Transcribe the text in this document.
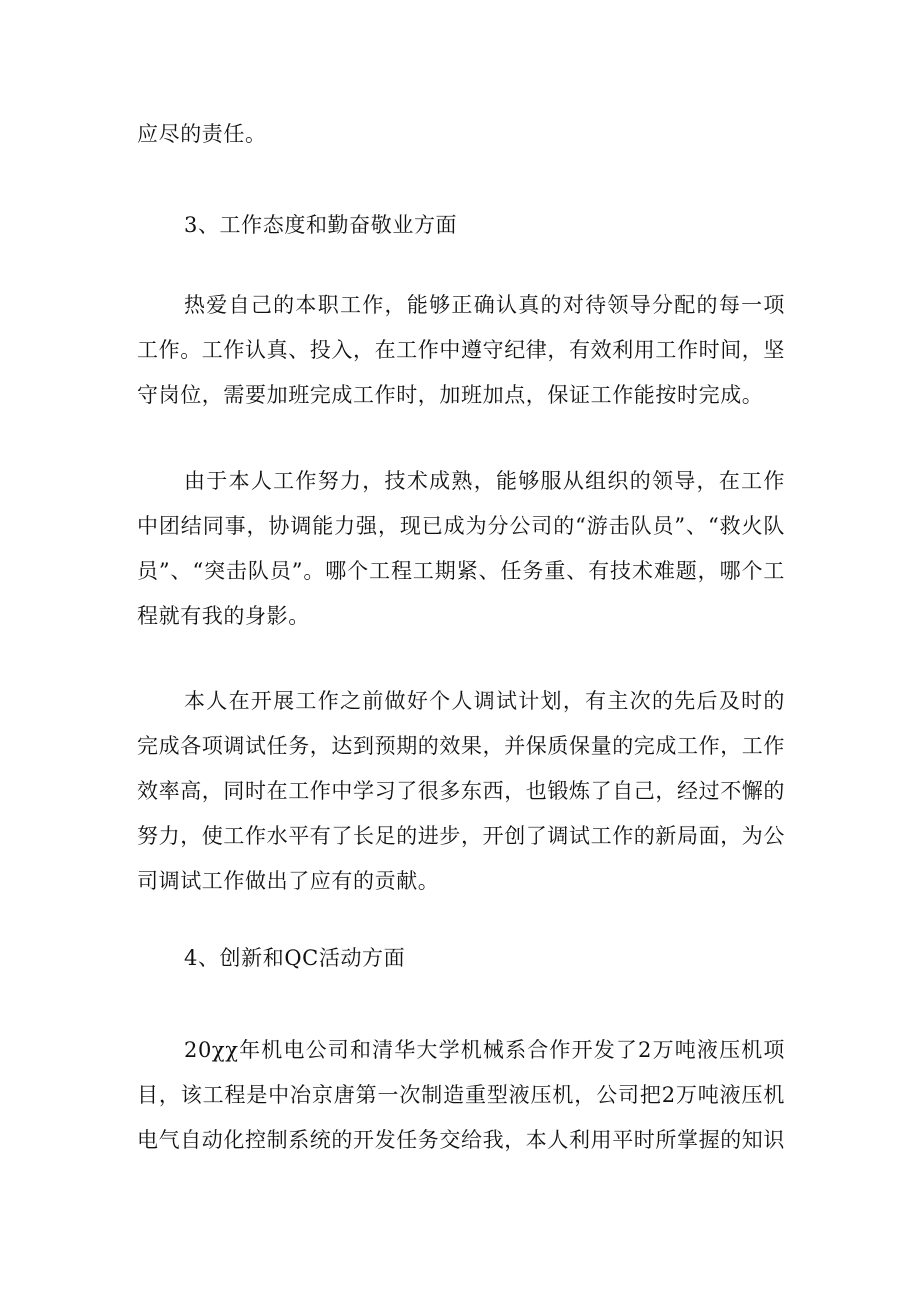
应尽的责任。

3、工作态度和勤奋敬业方面

热爱自己的本职工作，能够正确认真的对待领导分配的每一项工作。工作认真、投入，在工作中遵守纪律，有效利用工作时间，坚守岗位，需要加班完成工作时，加班加点，保证工作能按时完成。

由于本人工作努力，技术成熟，能够服从组织的领导，在工作中团结同事，协调能力强，现已成为分公司的“游击队员”、“救火队员”、“突击队员”。哪个工程工期紧、任务重、有技术难题，哪个工程就有我的身影。

本人在开展工作之前做好个人调试计划，有主次的先后及时的完成各项调试任务，达到预期的效果，并保质保量的完成工作，工作效率高，同时在工作中学习了很多东西，也锻炼了自己，经过不懈的努力，使工作水平有了长足的进步，开创了调试工作的新局面，为公司调试工作做出了应有的贡献。

4、创新和QC活动方面

20χχ年机电公司和清华大学机械系合作开发了2万吨液压机项目，该工程是中冶京唐第一次制造重型液压机，公司把2万吨液压机电气自动化控制系统的开发任务交给我，本人利用平时所掌握的知识
